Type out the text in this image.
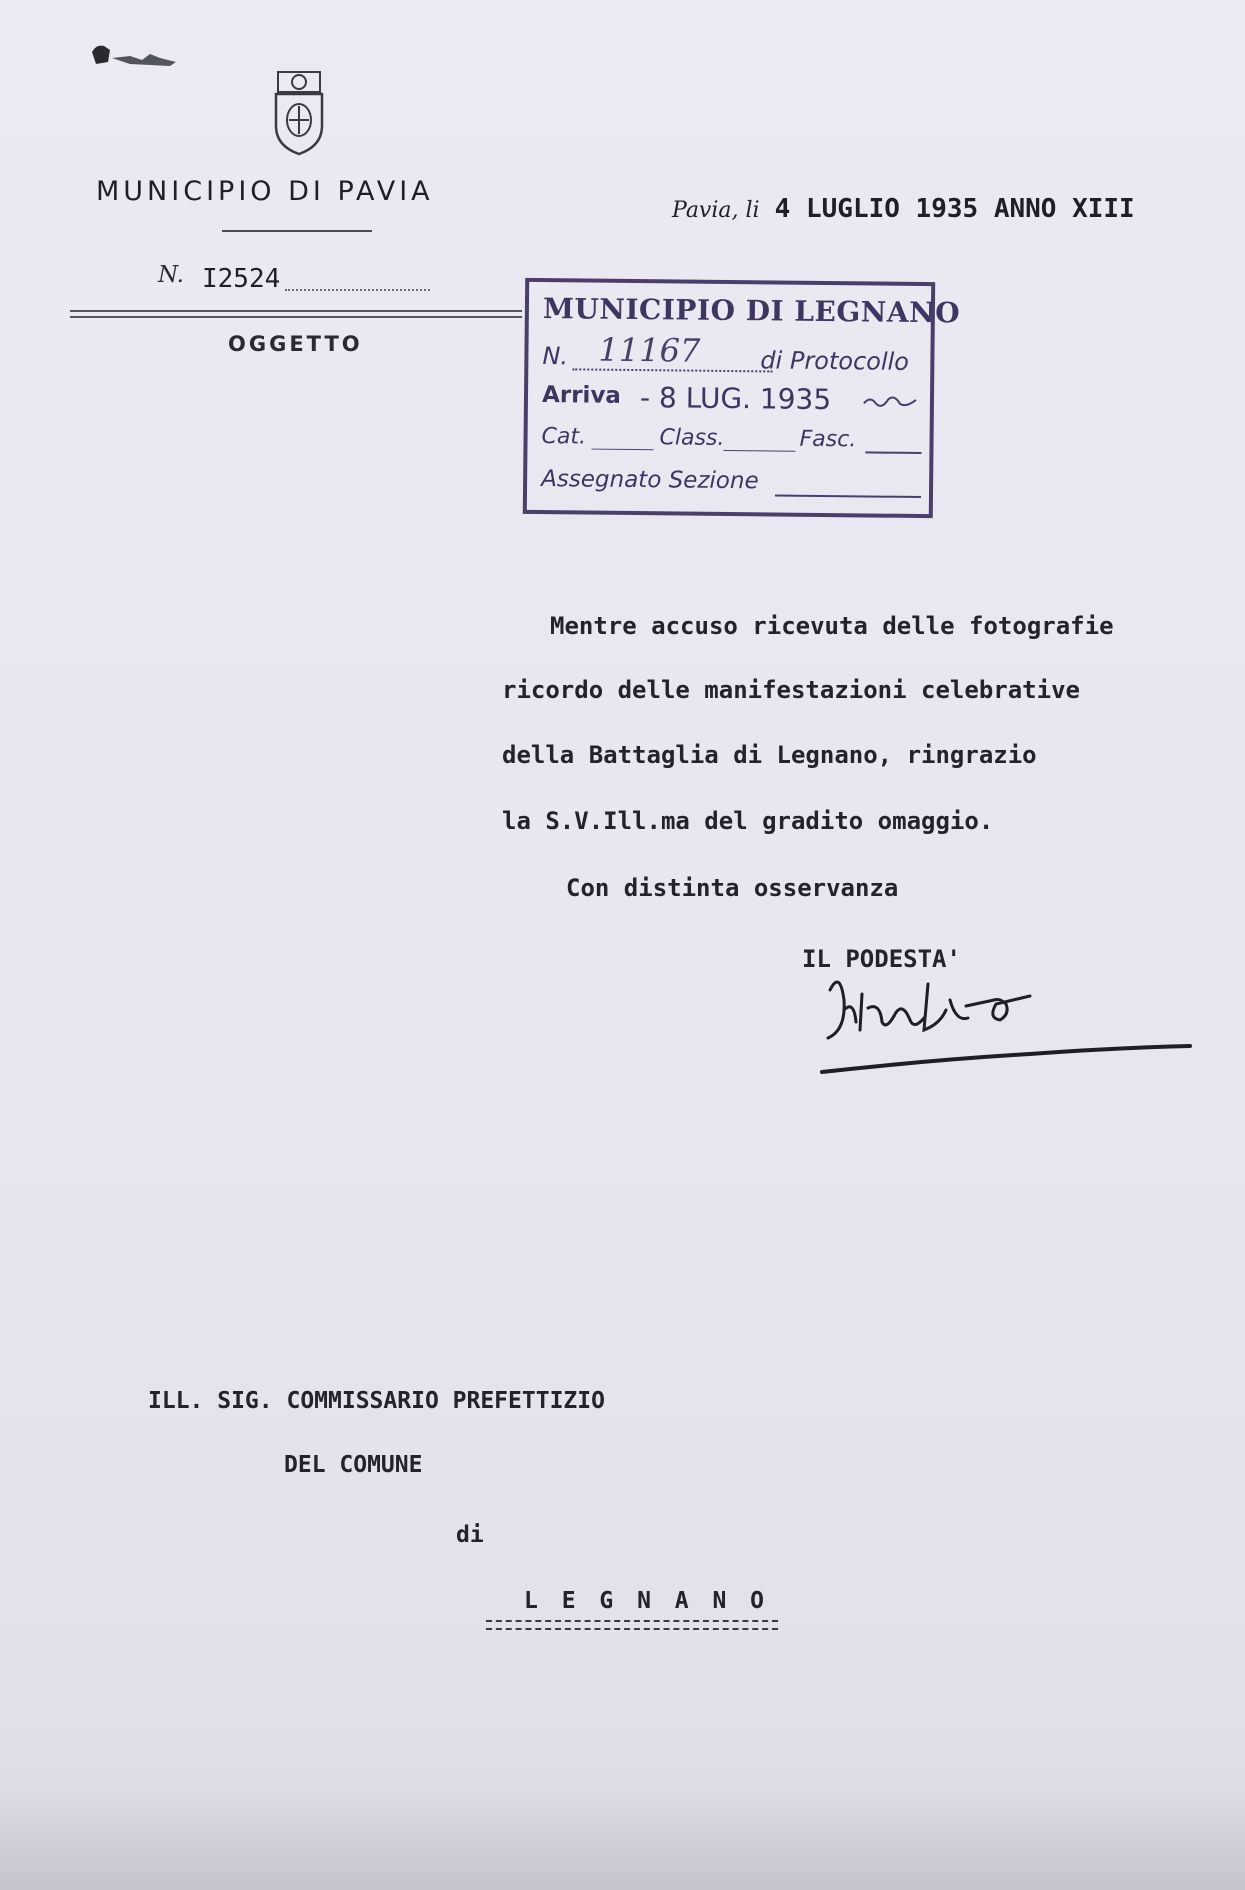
MUNICIPIO DI PAVIA
N. I2524
OGGETTO
Pavia, li 4 LUGLIO 1935 ANNO XIII
MUNICIPIO DI LEGNANO
N. 11167 di Protocollo
Arriva - 8 LUG. 1935
Cat.	Class.	Fasc.
Assegnato Sezione
Mentre accuso ricevuta delle fotografie
ricordo delle manifestazioni celebrative
della Battaglia di Legnano, ringrazio
la S.V.Ill.ma del gradito omaggio.
Con distinta osservanza
IL PODESTA'
ILL. SIG. COMMISSARIO PREFETTIZIO
DEL COMUNE
di
L E G N A N O
